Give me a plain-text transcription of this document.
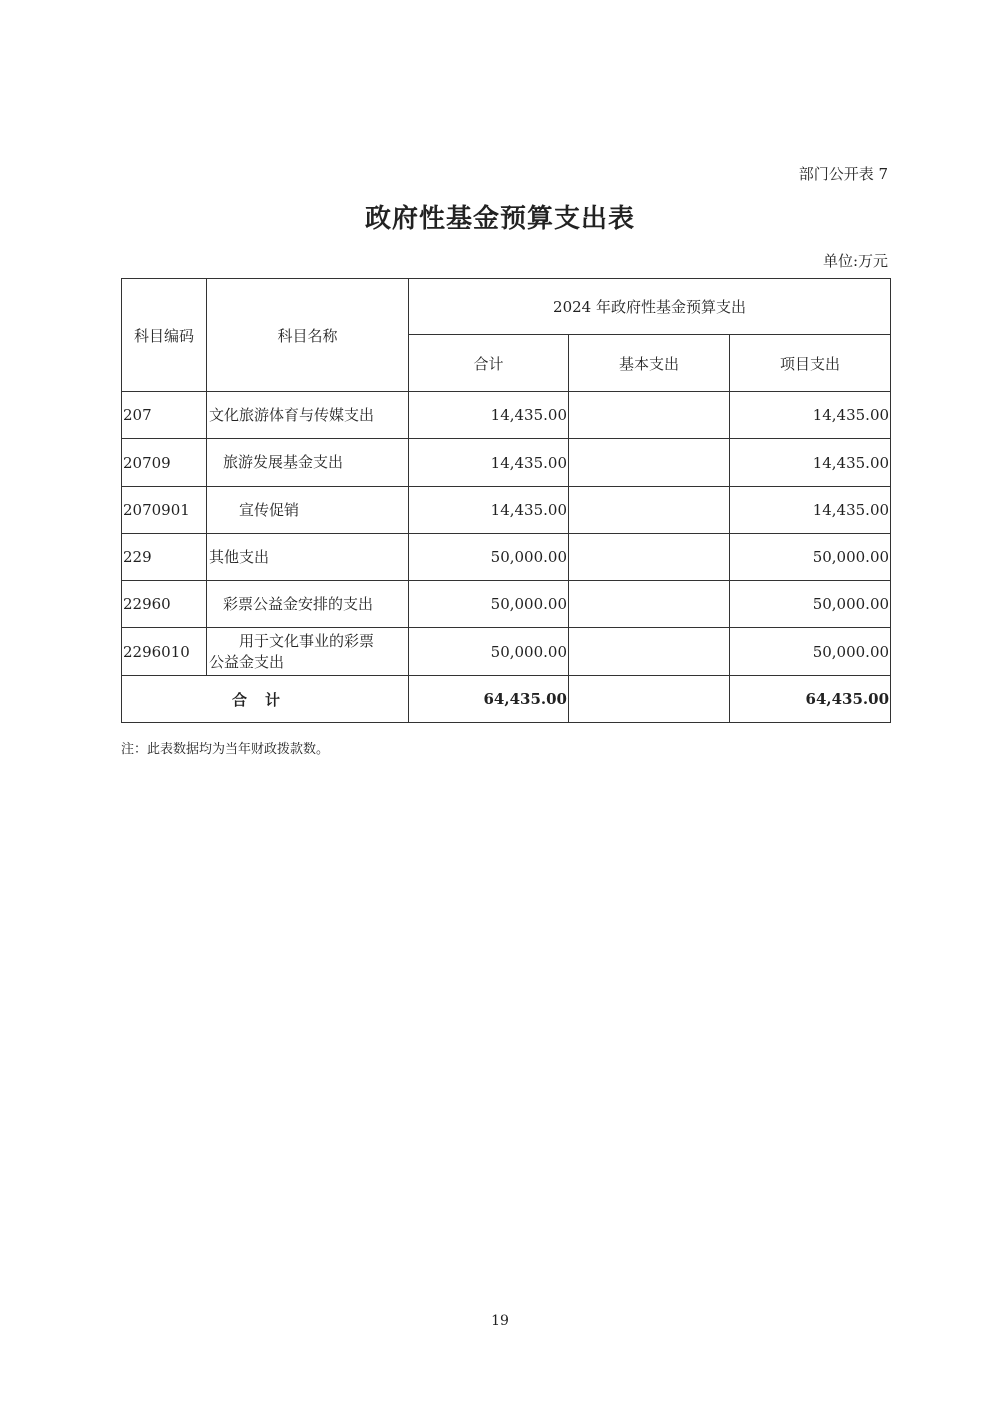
部门公开表 7
政府性基金预算支出表
单位:万元
科目编码	科目名称	2024 年政府性基金预算支出		
		合计	基本支出	项目支出
207	文化旅游体育与传媒支出	14,435.00		14,435.00
20709	旅游发展基金支出	14,435.00		14,435.00
2070901	宣传促销	14,435.00		14,435.00
229	其他支出	50,000.00		50,000.00
22960	彩票公益金安排的支出	50,000.00		50,000.00
2296010	用于文化事业的彩票
公益金支出	50,000.00		50,000.00
合计		64,435.00		64,435.00
注：此表数据均为当年财政拨款数。
19
